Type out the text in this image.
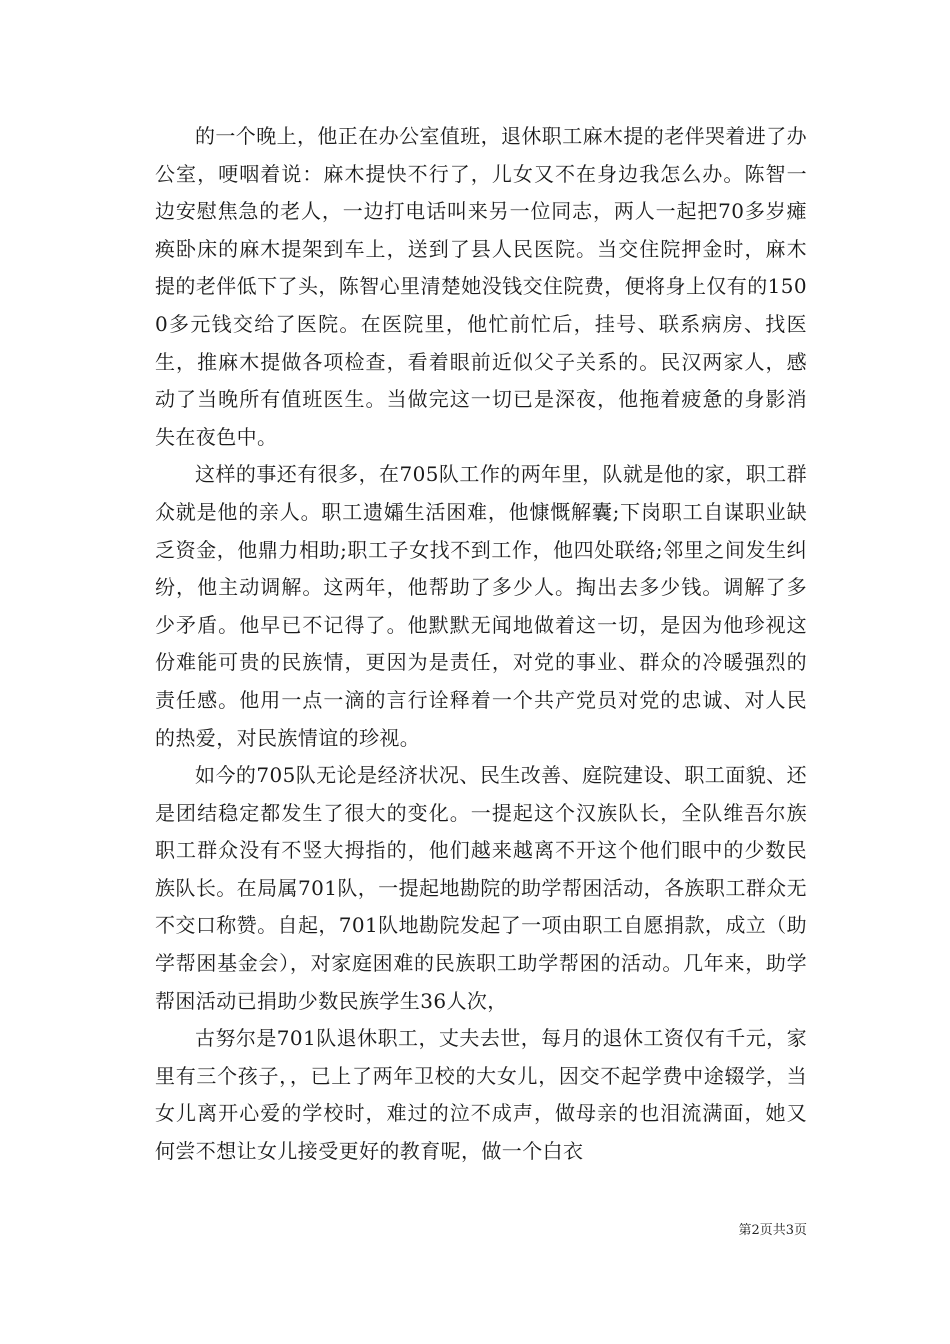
的一个晚上，他正在办公室值班，退休职工麻木提的老伴哭着进了办公室，哽咽着说：麻木提快不行了，儿女又不在身边我怎么办。陈智一边安慰焦急的老人，一边打电话叫来另一位同志，两人一起把70多岁瘫痪卧床的麻木提架到车上，送到了县人民医院。当交住院押金时，麻木提的老伴低下了头，陈智心里清楚她没钱交住院费，便将身上仅有的1500多元钱交给了医院。在医院里，他忙前忙后，挂号、联系病房、找医生，推麻木提做各项检查，看着眼前近似父子关系的。民汉两家人，感动了当晚所有值班医生。当做完这一切已是深夜，他拖着疲惫的身影消失在夜色中。

这样的事还有很多，在705队工作的两年里，队就是他的家，职工群众就是他的亲人。职工遗孀生活困难，他慷慨解囊;下岗职工自谋职业缺乏资金，他鼎力相助;职工子女找不到工作，他四处联络;邻里之间发生纠纷，他主动调解。这两年，他帮助了多少人。掏出去多少钱。调解了多少矛盾。他早已不记得了。他默默无闻地做着这一切，是因为他珍视这份难能可贵的民族情，更因为是责任，对党的事业、群众的冷暖强烈的责任感。他用一点一滴的言行诠释着一个共产党员对党的忠诚、对人民的热爱，对民族情谊的珍视。

如今的705队无论是经济状况、民生改善、庭院建设、职工面貌、还是团结稳定都发生了很大的变化。一提起这个汉族队长，全队维吾尔族职工群众没有不竖大拇指的，他们越来越离不开这个他们眼中的少数民族队长。在局属701队，一提起地勘院的助学帮困活动，各族职工群众无不交口称赞。自起，701队地勘院发起了一项由职工自愿捐款，成立（助学帮困基金会），对家庭困难的民族职工助学帮困的活动。几年来，助学帮困活动已捐助少数民族学生36人次，

古努尔是701队退休职工，丈夫去世，每月的退休工资仅有千元，家里有三个孩子，，已上了两年卫校的大女儿，因交不起学费中途辍学，当女儿离开心爱的学校时，难过的泣不成声，做母亲的也泪流满面，她又何尝不想让女儿接受更好的教育呢，做一个白衣

第2页共3页
